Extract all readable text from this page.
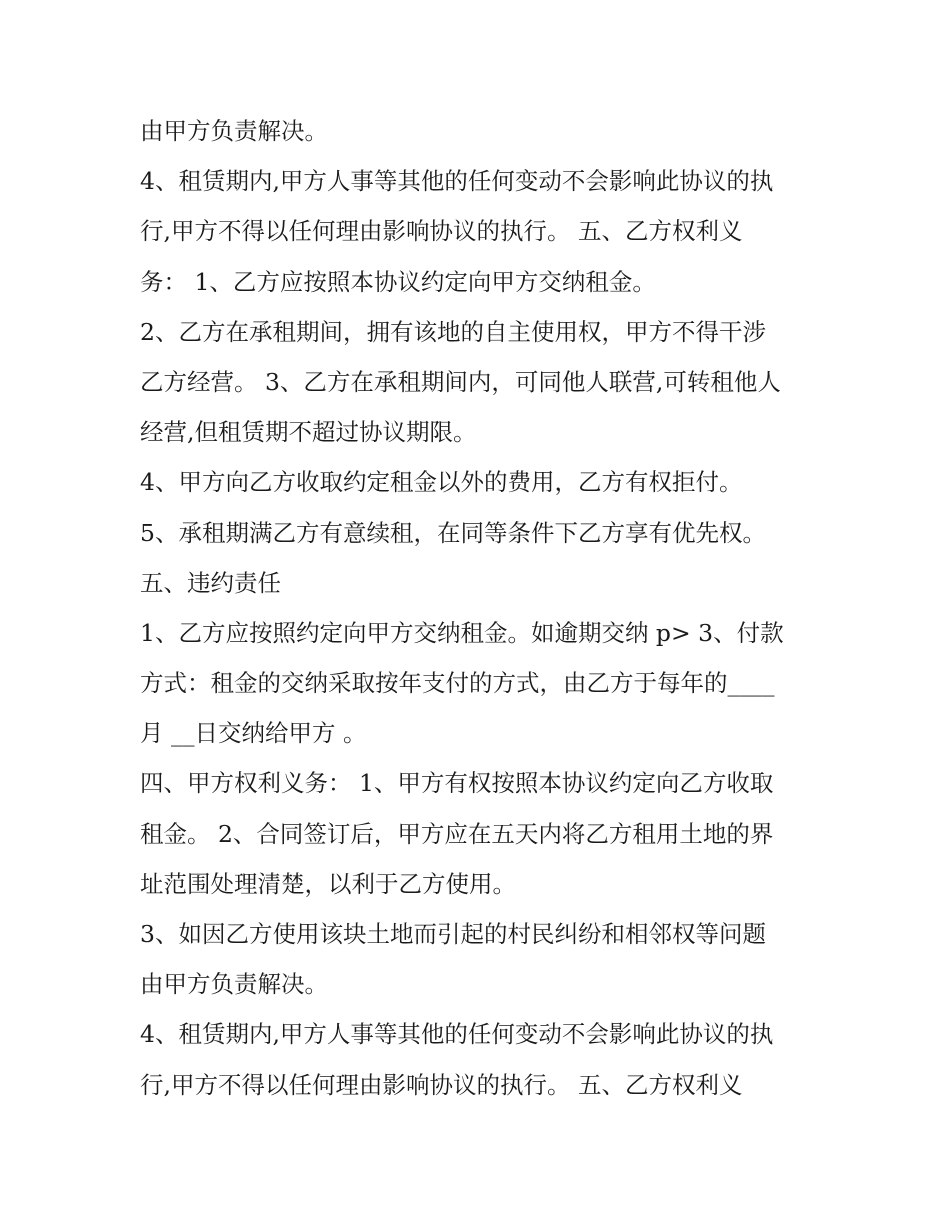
由甲方负责解决。
4、租赁期内,甲方人事等其他的任何变动不会影响此协议的执
行,甲方不得以任何理由影响协议的执行。 五、乙方权利义
务： 1、乙方应按照本协议约定向甲方交纳租金。
2、乙方在承租期间，拥有该地的自主使用权，甲方不得干涉
乙方经营。 3、乙方在承租期间内，可同他人联营,可转租他人
经营,但租赁期不超过协议期限。
4、甲方向乙方收取约定租金以外的费用，乙方有权拒付。
5、承租期满乙方有意续租，在同等条件下乙方享有优先权。
五、违约责任
1、乙方应按照约定向甲方交纳租金。如逾期交纳 p> 3、付款
方式：租金的交纳采取按年支付的方式，由乙方于每年的____
月 __日交纳给甲方 。
四、甲方权利义务： 1、甲方有权按照本协议约定向乙方收取
租金。 2、合同签订后，甲方应在五天内将乙方租用土地的界
址范围处理清楚，以利于乙方使用。
3、如因乙方使用该块土地而引起的村民纠纷和相邻权等问题
由甲方负责解决。
4、租赁期内,甲方人事等其他的任何变动不会影响此协议的执
行,甲方不得以任何理由影响协议的执行。 五、乙方权利义
